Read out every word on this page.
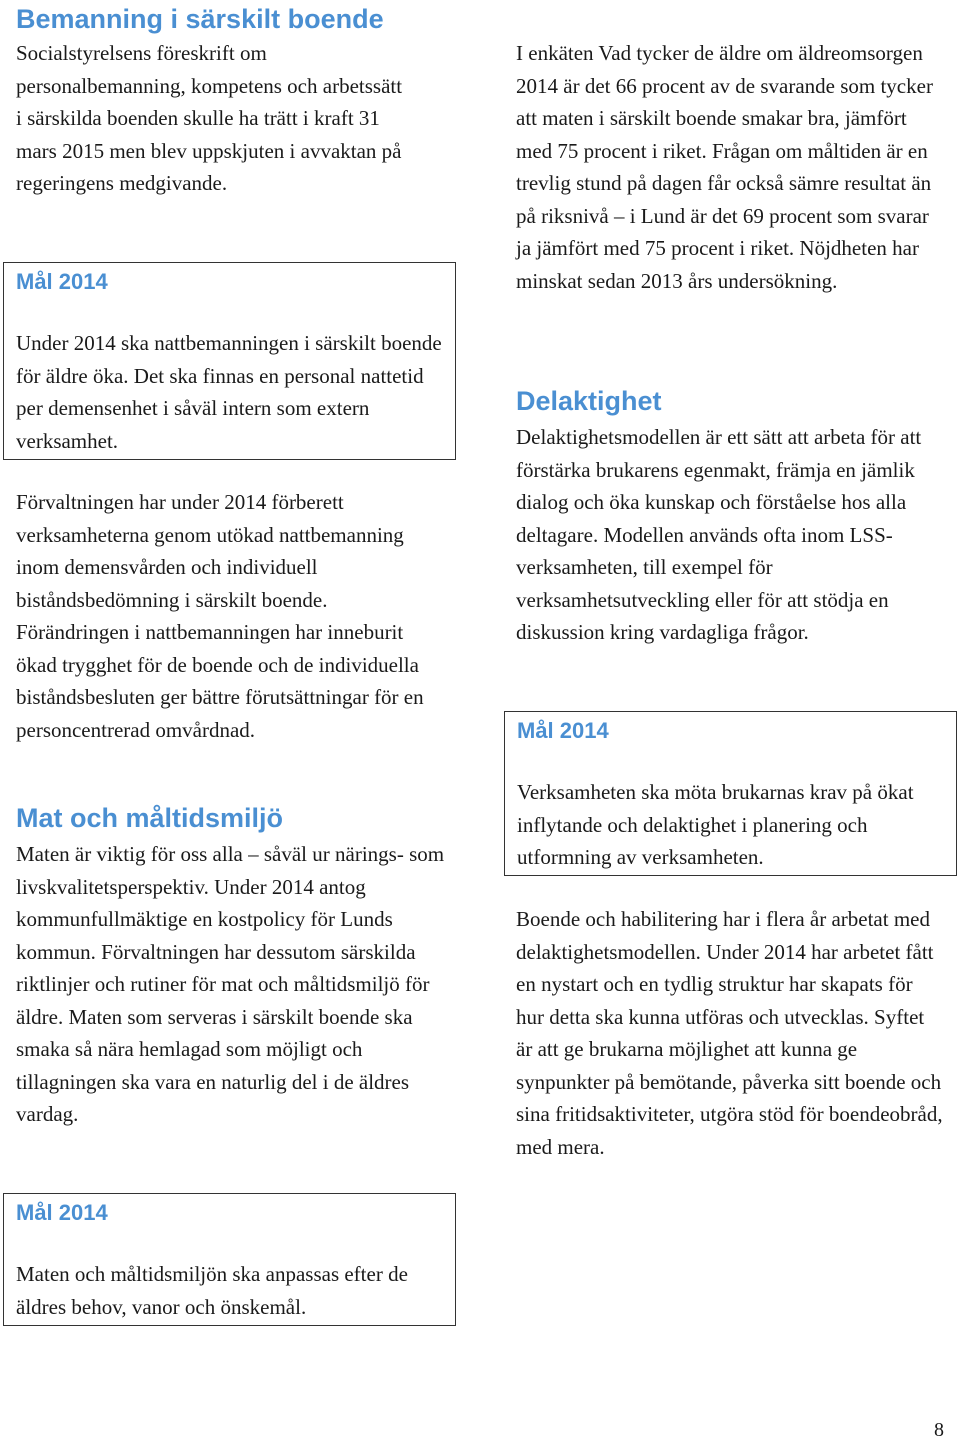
Bemanning i särskilt boende

Socialstyrelsens föreskrift om personalbemanning, kompetens och arbetssätt i särskilda boenden skulle ha trätt i kraft 31 mars 2015 men blev uppskjuten i avvaktan på regeringens medgivande.

Mål 2014

Under 2014 ska nattbemanningen i särskilt boende för äldre öka. Det ska finnas en personal nattetid per demensenhet i såväl intern som extern verksamhet.

Förvaltningen har under 2014 förberett verksamheterna genom utökad nattbemanning inom demensvården och individuell biståndsbedömning i särskilt boende. Förändringen i nattbemanningen har inneburit ökad trygghet för de boende och de individuella biståndsbesluten ger bättre förutsättningar för en personcentrerad omvårdnad.

Mat och måltidsmiljö

Maten är viktig för oss alla – såväl ur närings- som livskvalitetsperspektiv. Under 2014 antog kommunfullmäktige en kostpolicy för Lunds kommun. Förvaltningen har dessutom särskilda riktlinjer och rutiner för mat och måltidsmiljö för äldre. Maten som serveras i särskilt boende ska smaka så nära hemlagad som möjligt och tillagningen ska vara en naturlig del i de äldres vardag.

Mål 2014

Maten och måltidsmiljön ska anpassas efter de äldres behov, vanor och önskemål.

I enkäten Vad tycker de äldre om äldreomsorgen 2014 är det 66 procent av de svarande som tycker att maten i särskilt boende smakar bra, jämfört med 75 procent i riket. Frågan om måltiden är en trevlig stund på dagen får också sämre resultat än på riksnivå – i Lund är det 69 procent som svarar ja jämfört med 75 procent i riket. Nöjdheten har minskat sedan 2013 års undersökning.

Delaktighet

Delaktighetsmodellen är ett sätt att arbeta för att förstärka brukarens egenmakt, främja en jämlik dialog och öka kunskap och förståelse hos alla deltagare. Modellen används ofta inom LSS- verksamheten, till exempel för verksamhetsutveckling eller för att stödja en diskussion kring vardagliga frågor.

Mål 2014

Verksamheten ska möta brukarnas krav på ökat inflytande och delaktighet i planering och utformning av verksamheten.

Boende och habilitering har i flera år arbetat med delaktighetsmodellen. Under 2014 har arbetet fått en nystart och en tydlig struktur har skapats för hur detta ska kunna utföras och utvecklas. Syftet är att ge brukarna möjlighet att kunna ge synpunkter på bemötande, påverka sitt boende och sina fritidsaktiviteter, utgöra stöd för boendeobråd, med mera.

8
